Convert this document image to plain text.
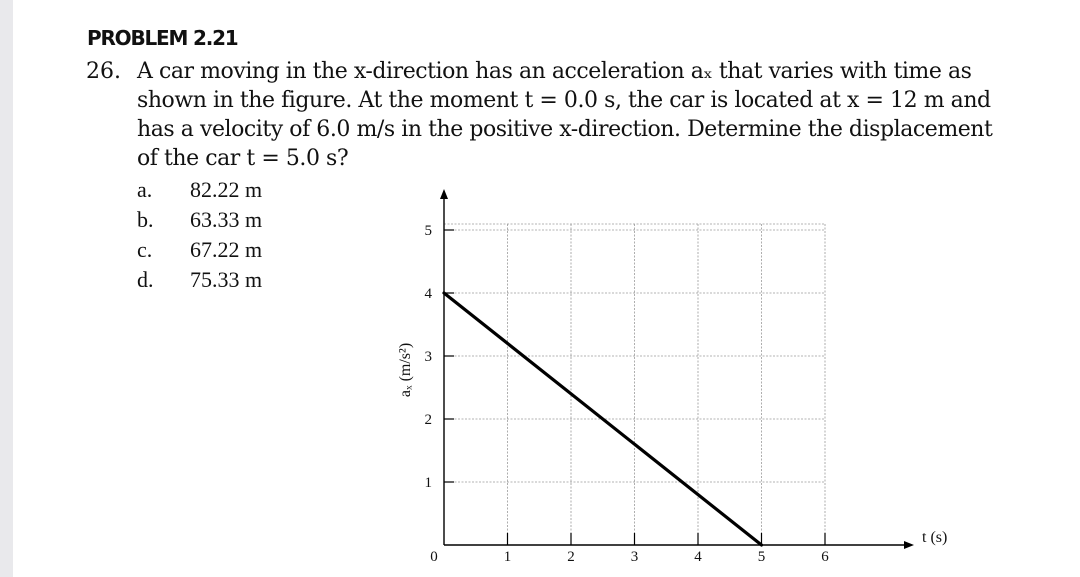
PROBLEM 2.21
26. A car moving in the x-direction has an acceleration aₓ that varies with time as
shown in the figure. At the moment t = 0.0 s, the car is located at x = 12 m and
has a velocity of 6.0 m/s in the positive x-direction. Determine the displacement
of the car t = 5.0 s?
a. 82.22 m
b. 63.33 m
c. 67.22 m
d. 75.33 m
0	1	2	3	4	5	6
1
2
3
4
5
t (s)
aₓ (m/s²)
